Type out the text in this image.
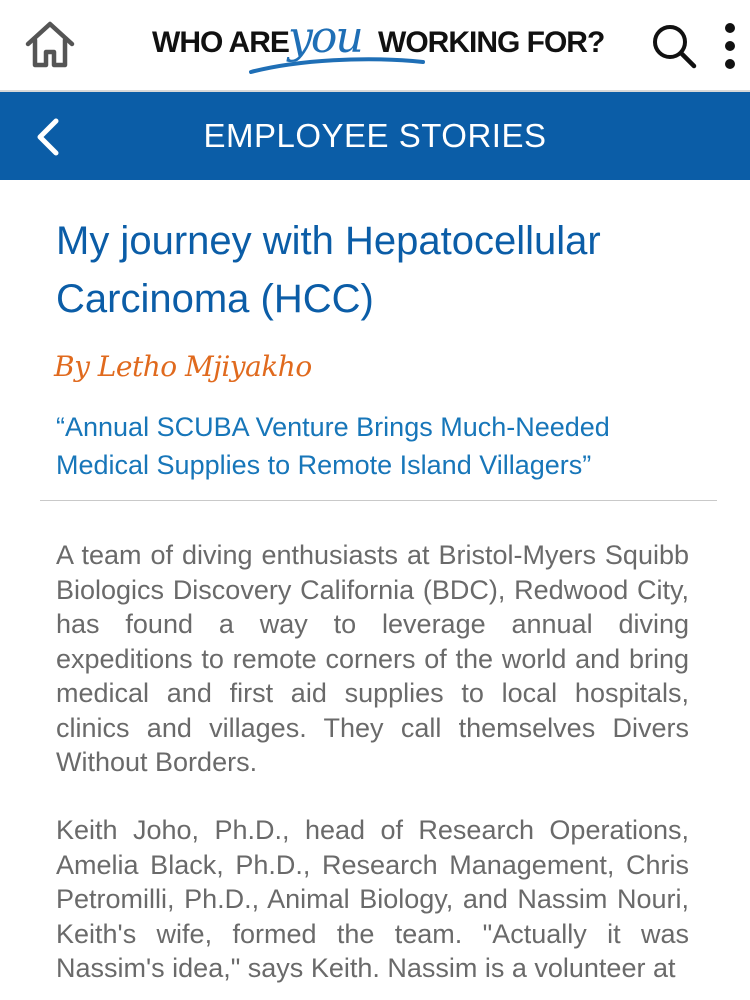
WHO ARE you WORKING FOR?
EMPLOYEE STORIES
My journey with Hepatocellular Carcinoma (HCC)
By Letho Mjiyakho

“Annual SCUBA Venture Brings Much-Needed Medical Supplies to Remote Island Villagers”

A team of diving enthusiasts at Bristol-Myers Squibb Biologics Discovery California (BDC), Redwood City, has found a way to leverage annual diving expeditions to remote corners of the world and bring medical and first aid supplies to local hospitals, clinics and villages. They call themselves Divers Without Borders.

Keith Joho, Ph.D., head of Research Operations, Amelia Black, Ph.D., Research Management, Chris Petromilli, Ph.D., Animal Biology, and Nassim Nouri, Keith's wife, formed the team. "Actually it was Nassim's idea," says Keith. Nassim is a volunteer at
